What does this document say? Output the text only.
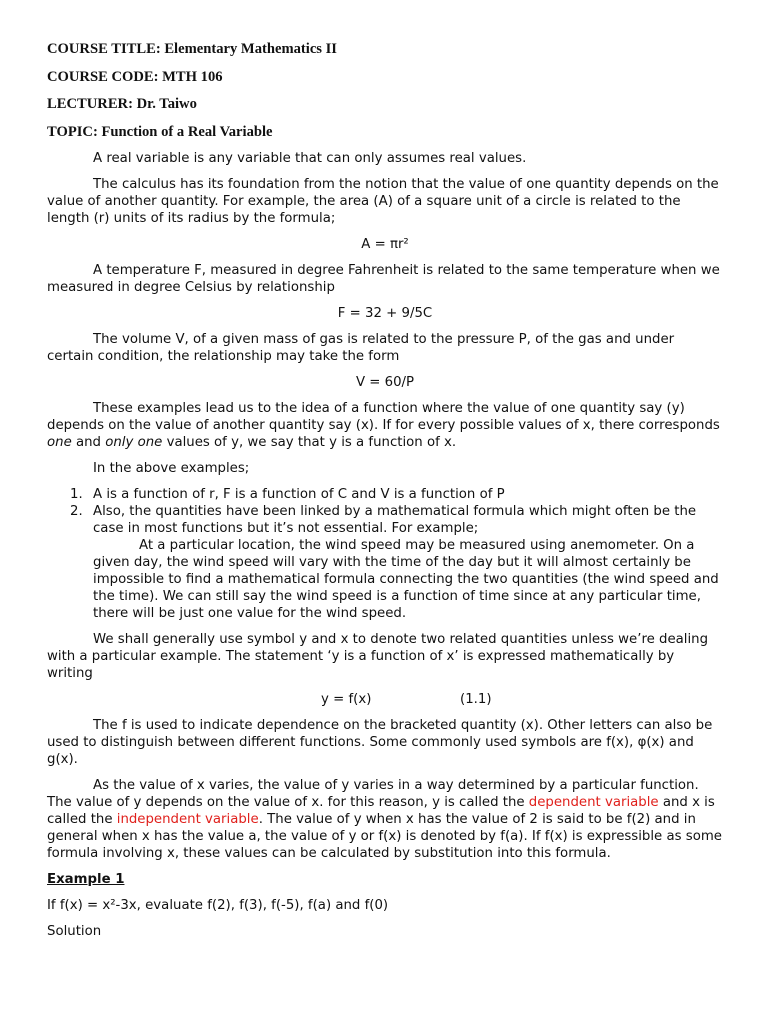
COURSE TITLE: Elementary Mathematics II
COURSE CODE: MTH 106
LECTURER: Dr. Taiwo
TOPIC: Function of a Real Variable
A real variable is any variable that can only assumes real values.
The calculus has its foundation from the notion that the value of one quantity depends on the value of another quantity. For example, the area (A) of a square unit of a circle is related to the length (r) units of its radius by the formula;
A = πr²
A temperature F, measured in degree Fahrenheit is related to the same temperature when we measured in degree Celsius by relationship
F = 32 + 9/5C
The volume V, of a given mass of gas is related to the pressure P, of the gas and under certain condition, the relationship may take the form
V = 60/P
These examples lead us to the idea of a function where the value of one quantity say (y) depends on the value of another quantity say (x). If for every possible values of x, there corresponds one and only one values of y, we say that y is a function of x.
In the above examples;
1. A is a function of r, F is a function of C and V is a function of P
2. Also, the quantities have been linked by a mathematical formula which might often be the case in most functions but it’s not essential. For example;
At a particular location, the wind speed may be measured using anemometer. On a given day, the wind speed will vary with the time of the day but it will almost certainly be impossible to find a mathematical formula connecting the two quantities (the wind speed and the time). We can still say the wind speed is a function of time since at any particular time, there will be just one value for the wind speed.
We shall generally use symbol y and x to denote two related quantities unless we’re dealing with a particular example. The statement ‘y is a function of x’ is expressed mathematically by writing
y = f(x)	(1.1)
The f is used to indicate dependence on the bracketed quantity (x). Other letters can also be used to distinguish between different functions. Some commonly used symbols are f(x), φ(x) and g(x).
As the value of x varies, the value of y varies in a way determined by a particular function. The value of y depends on the value of x. for this reason, y is called the dependent variable and x is called the independent variable. The value of y when x has the value of 2 is said to be f(2) and in general when x has the value a, the value of y or f(x) is denoted by f(a). If f(x) is expressible as some formula involving x, these values can be calculated by substitution into this formula.
Example 1
If f(x) = x²-3x, evaluate f(2), f(3), f(-5), f(a) and f(0)
Solution
